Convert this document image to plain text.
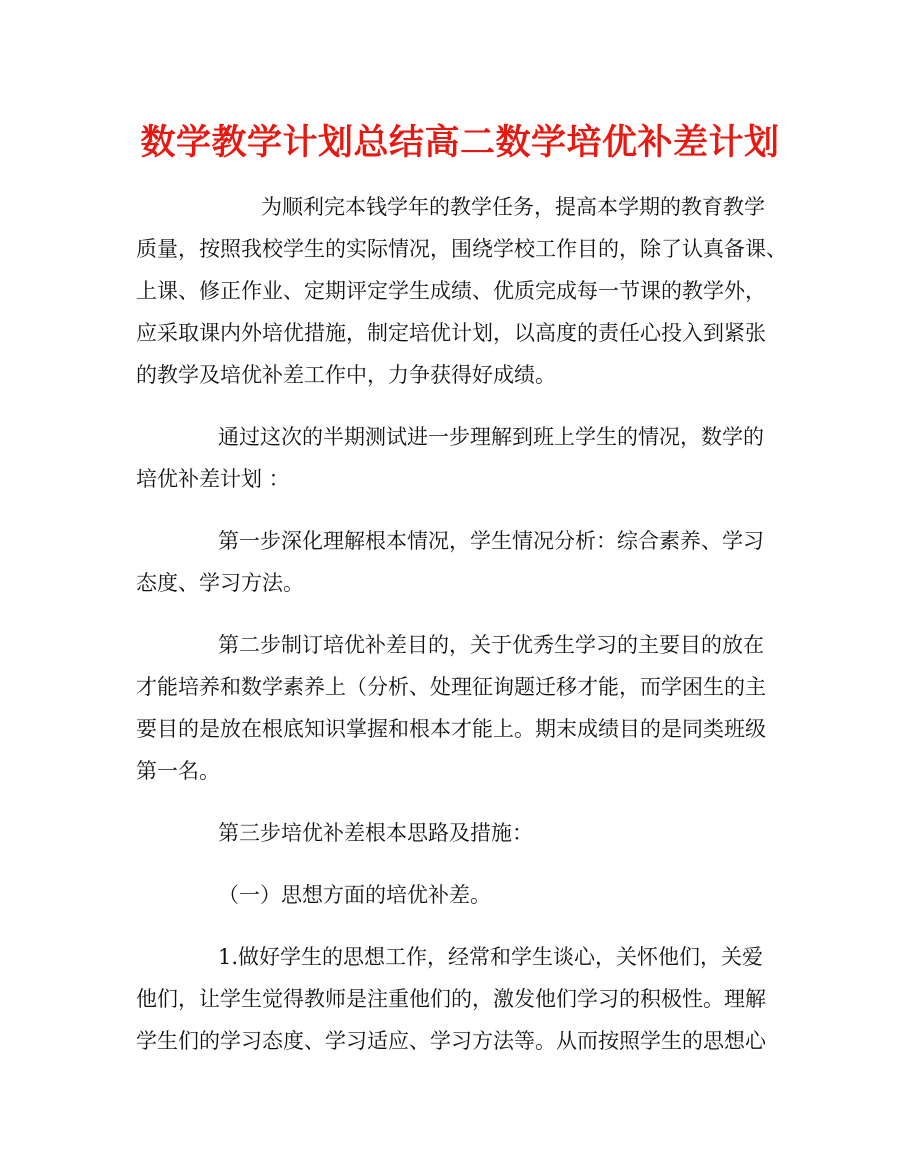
数学教学计划总结高二数学培优补差计划
为顺利完本钱学年的教学任务，提高本学期的教育教学
质量，按照我校学生的实际情况，围绕学校工作目的，除了认真备课、
上课、修正作业、定期评定学生成绩、优质完成每一节课的教学外，
应采取课内外培优措施，制定培优计划，以高度的责任心投入到紧张
的教学及培优补差工作中，力争获得好成绩。
通过这次的半期测试进一步理解到班上学生的情况，数学的
培优补差计划 ：
第一步深化理解根本情况，学生情况分析：综合素养、学习
态度、学习方法。
第二步制订培优补差目的，关于优秀生学习的主要目的放在
才能培养和数学素养上（分析、处理征询题迁移才能，而学困生的主
要目的是放在根底知识掌握和根本才能上。期末成绩目的是同类班级
第一名。
第三步培优补差根本思路及措施：
（一）思想方面的培优补差。
1.做好学生的思想工作，经常和学生谈心，关怀他们，关爱
他们，让学生觉得教师是注重他们的，激发他们学习的积极性。理解
学生们的学习态度、学习适应、学习方法等。从而按照学生的思想心
